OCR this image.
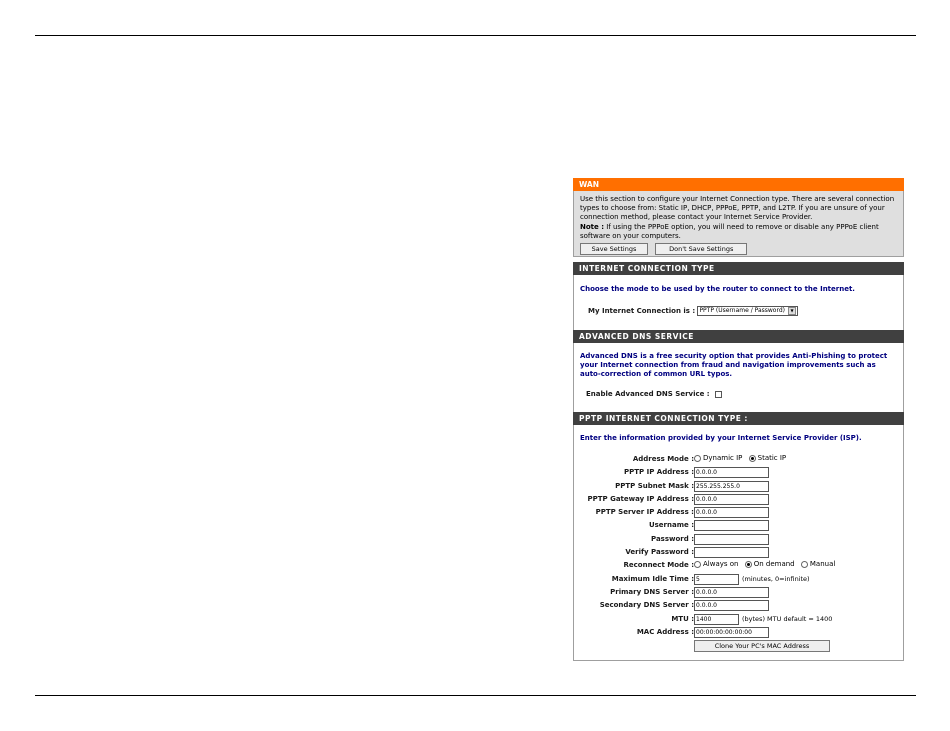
WAN

Use this section to configure your Internet Connection type. There are several connection types to choose from: Static IP, DHCP, PPPoE, PPTP, and L2TP. If you are unsure of your connection method, please contact your Internet Service Provider.

Note : If using the PPPoE option, you will need to remove or disable any PPPoE client software on your computers.

Save Settings	Don't Save Settings
INTERNET CONNECTION TYPE

Choose the mode to be used by the router to connect to the Internet.

My Internet Connection is : PPTP (Username / Password) ▼
ADVANCED DNS SERVICE

Advanced DNS is a free security option that provides Anti-Phishing to protect your Internet connection from fraud and navigation improvements such as auto-correction of common URL typos.

Enable Advanced DNS Service :
PPTP INTERNET CONNECTION TYPE :

Enter the information provided by your Internet Service Provider (ISP).

Address Mode :	Dynamic IP Static IP
PPTP IP Address : 0.0.0.0
PPTP Subnet Mask : 255.255.255.0
PPTP Gateway IP Address : 0.0.0.0
PPTP Server IP Address : 0.0.0.0
Username :
Password :
Verify Password :
Reconnect Mode :	Always on On demand Manual
Maximum Idle Time : 5	(minutes, 0=infinite)
Primary DNS Server : 0.0.0.0
Secondary DNS Server : 0.0.0.0
MTU : 1400	(bytes) MTU default = 1400
MAC Address : 00:00:00:00:00:00
Clone Your PC's MAC Address
